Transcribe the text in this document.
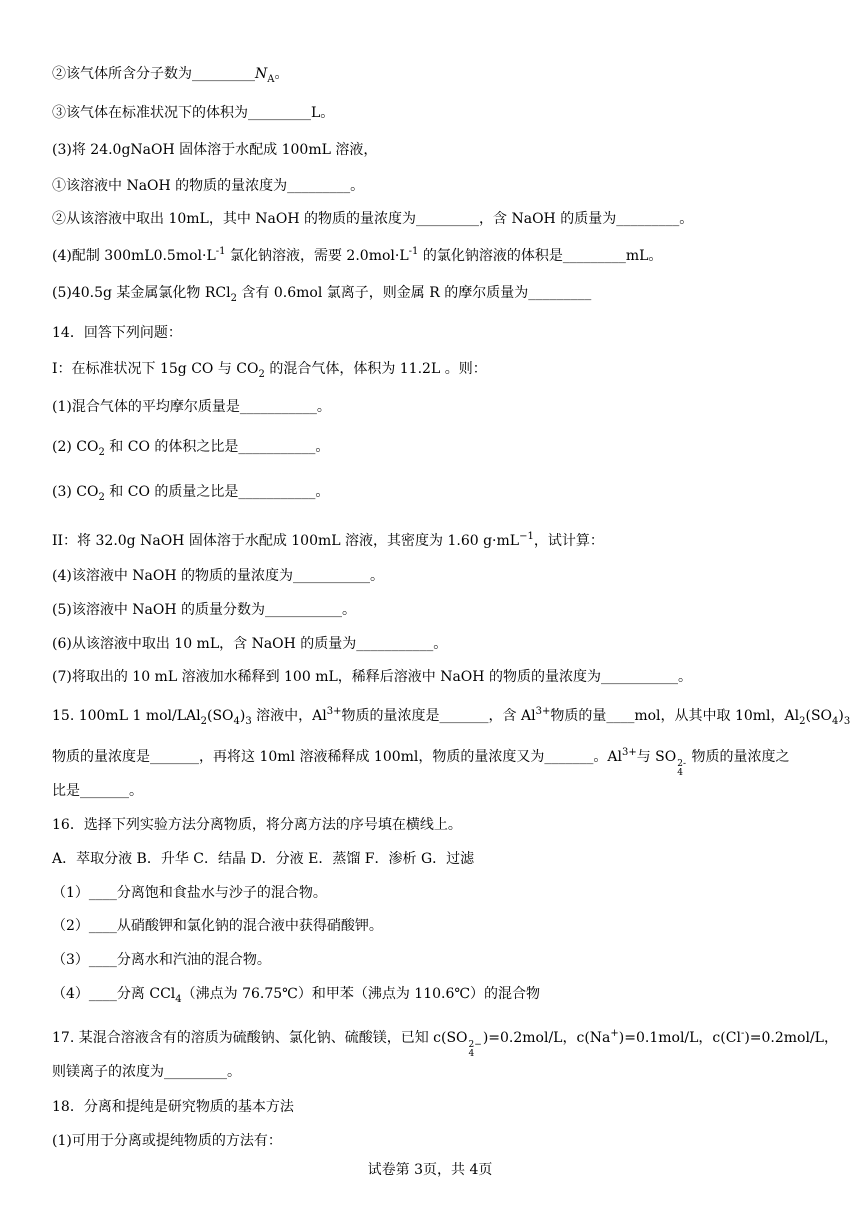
②该气体所含分子数为$\_\_\_\_\_\_\_\_\_N_A$。
③该气体在标准状况下的体积为_________L。
(3)将 24.0gNaOH 固体溶于水配成 100mL 溶液，
①该溶液中 NaOH 的物质的量浓度为_________。
②从该溶液中取出 10mL，其中 NaOH 的物质的量浓度为_________，含 NaOH 的质量为_________。
(4)配制 $300mL0.5mol\cdot L^{-1}$ 氯化钠溶液，需要 $2.0mol\cdot L^{-1}$ 的氯化钠溶液的体积是_________mL。
(5)40.5g 某金属氯化物 RCl$_2$ 含有 0.6mol 氯离子，则金属 R 的摩尔质量为_________
14．回答下列问题：
I：在标准状况下 15g CO 与 $CO_2$ 的混合气体，体积为 11.2L 。则：
(1)混合气体的平均摩尔质量是___________。
(2) $CO_2$ 和 CO 的体积之比是___________。
(3) $CO_2$ 和 CO 的质量之比是___________。
II：将 32.0g NaOH 固体溶于水配成 100mL 溶液，其密度为 1.60 $g\cdot mL^{-1}$，试计算：
(4)该溶液中 NaOH 的物质的量浓度为___________。
(5)该溶液中 NaOH 的质量分数为___________。
(6)从该溶液中取出 10 mL，含 NaOH 的质量为___________。
(7)将取出的 10 mL 溶液加水稀释到 100 mL，稀释后溶液中 NaOH 的物质的量浓度为___________。
15. 100mL 1 mol/$LAl_2(SO_4)_3$ 溶液中，$Al^{3+}$物质的量浓度是_______，含 $Al^{3+}$物质的量____mol，从其中取 10ml，$Al_2(SO_4)_3$
物质的量浓度是_______，再将这 10ml 溶液稀释成 100ml，物质的量浓度又为_______。$Al^{3+}$与 SO 2-
4
物质的量浓度之
比是_______。
16．选择下列实验方法分离物质，将分离方法的序号填在横线上。
A．萃取分液 B．升华 C．结晶 D．分液 E．蒸馏 F．渗析 G．过滤
（1）____分离饱和食盐水与沙子的混合物。
（2）____从硝酸钾和氯化钠的混合液中获得硝酸钾。
（3）____分离水和汽油的混合物。
（4）____分离 CCl$_4$（沸点为 76.75℃）和甲苯（沸点为 110.6℃）的混合物
17. 某混合溶液含有的溶质为硫酸钠、氯化钠、硫酸镁，已知 c(SO 2−
4
)=0.2mol/L，c(Na+)=0.1mol/L，c(Cl-)=0.2mol/L，
则镁离子的浓度为_________。
18．分离和提纯是研究物质的基本方法
(1)可用于分离或提纯物质的方法有：
试卷第 3页，共 4页
